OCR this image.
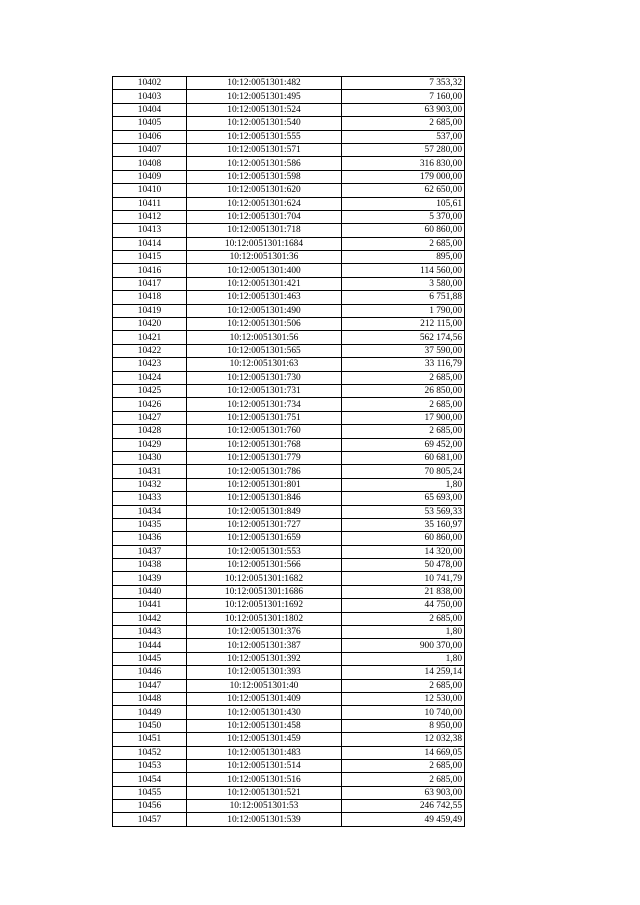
10402	10:12:0051301:482	7 353,32
10403	10:12:0051301:495	7 160,00
10404	10:12:0051301:524	63 903,00
10405	10:12:0051301:540	2 685,00
10406	10:12:0051301:555	537,00
10407	10:12:0051301:571	57 280,00
10408	10:12:0051301:586	316 830,00
10409	10:12:0051301:598	179 000,00
10410	10:12:0051301:620	62 650,00
10411	10:12:0051301:624	105,61
10412	10:12:0051301:704	5 370,00
10413	10:12:0051301:718	60 860,00
10414	10:12:0051301:1684	2 685,00
10415	10:12:0051301:36	895,00
10416	10:12:0051301:400	114 560,00
10417	10:12:0051301:421	3 580,00
10418	10:12:0051301:463	6 751,88
10419	10:12:0051301:490	1 790,00
10420	10:12:0051301:506	212 115,00
10421	10:12:0051301:56	562 174,56
10422	10:12:0051301:565	37 590,00
10423	10:12:0051301:63	33 116,79
10424	10:12:0051301:730	2 685,00
10425	10:12:0051301:731	26 850,00
10426	10:12:0051301:734	2 685,00
10427	10:12:0051301:751	17 900,00
10428	10:12:0051301:760	2 685,00
10429	10:12:0051301:768	69 452,00
10430	10:12:0051301:779	60 681,00
10431	10:12:0051301:786	70 805,24
10432	10:12:0051301:801	1,80
10433	10:12:0051301:846	65 693,00
10434	10:12:0051301:849	53 569,33
10435	10:12:0051301:727	35 160,97
10436	10:12:0051301:659	60 860,00
10437	10:12:0051301:553	14 320,00
10438	10:12:0051301:566	50 478,00
10439	10:12:0051301:1682	10 741,79
10440	10:12:0051301:1686	21 838,00
10441	10:12:0051301:1692	44 750,00
10442	10:12:0051301:1802	2 685,00
10443	10:12:0051301:376	1,80
10444	10:12:0051301:387	900 370,00
10445	10:12:0051301:392	1,80
10446	10:12:0051301:393	14 259,14
10447	10:12:0051301:40	2 685,00
10448	10:12:0051301:409	12 530,00
10449	10:12:0051301:430	10 740,00
10450	10:12:0051301:458	8 950,00
10451	10:12:0051301:459	12 032,38
10452	10:12:0051301:483	14 669,05
10453	10:12:0051301:514	2 685,00
10454	10:12:0051301:516	2 685,00
10455	10:12:0051301:521	63 903,00
10456	10:12:0051301:53	246 742,55
10457	10:12:0051301:539	49 459,49
